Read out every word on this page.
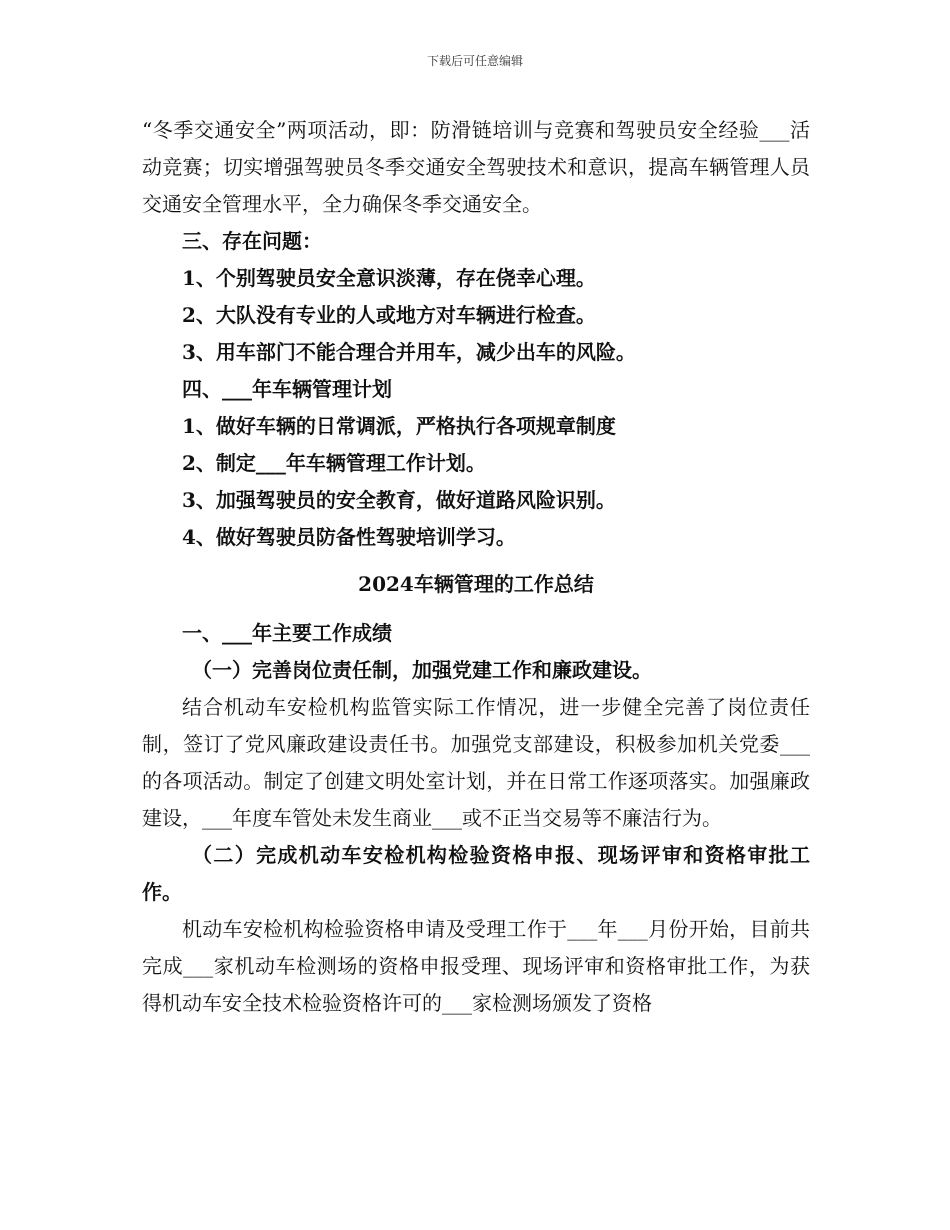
下载后可任意编辑

“冬季交通安全”两项活动，即：防滑链培训与竞赛和驾驶员安全经验___活动竞赛；切实增强驾驶员冬季交通安全驾驶技术和意识，提高车辆管理人员交通安全管理水平，全力确保冬季交通安全。

三、存在问题：

1、个别驾驶员安全意识淡薄，存在侥幸心理。

2、大队没有专业的人或地方对车辆进行检查。

3、用车部门不能合理合并用车，减少出车的风险。

四、___年车辆管理计划

1、做好车辆的日常调派，严格执行各项规章制度

2、制定___年车辆管理工作计划。

3、加强驾驶员的安全教育，做好道路风险识别。

4、做好驾驶员防备性驾驶培训学习。

2024车辆管理的工作总结

一、___年主要工作成绩

（一）完善岗位责任制，加强党建工作和廉政建设。

结合机动车安检机构监管实际工作情况，进一步健全完善了岗位责任制，签订了党风廉政建设责任书。加强党支部建设，积极参加机关党委___的各项活动。制定了创建文明处室计划，并在日常工作逐项落实。加强廉政建设，___年度车管处未发生商业___或不正当交易等不廉洁行为。

（二）完成机动车安检机构检验资格申报、现场评审和资格审批工作。

机动车安检机构检验资格申请及受理工作于___年___月份开始，目前共完成___家机动车检测场的资格申报受理、现场评审和资格审批工作，为获得机动车安全技术检验资格许可的___家检测场颁发了资格
